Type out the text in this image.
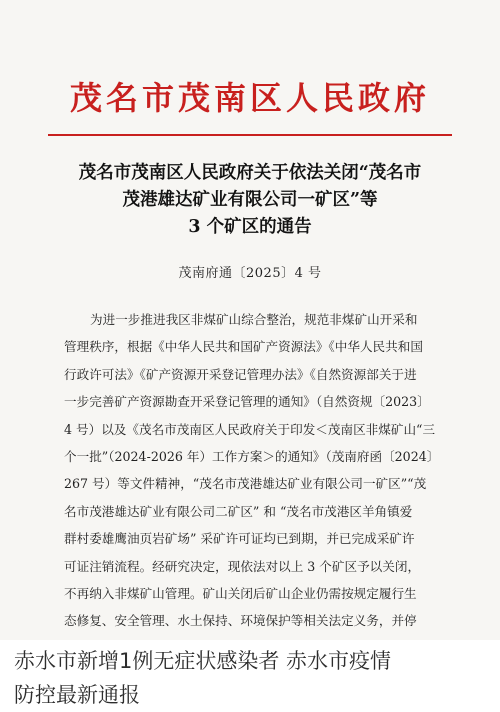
茂名市茂南区人民政府
茂名市茂南区人民政府关于依法关闭“茂名市
茂港雄达矿业有限公司一矿区”等
3 个矿区的通告
茂南府通〔2025〕4 号
为进一步推进我区非煤矿山综合整治，规范非煤矿山开采和
管理秩序，根据《中华人民共和国矿产资源法》《中华人民共和国
行政许可法》《矿产资源开采登记管理办法》《自然资源部关于进
一步完善矿产资源勘查开采登记管理的通知》（自然资规〔2023〕
4 号）以及《茂名市茂南区人民政府关于印发＜茂南区非煤矿山“三
个一批”（2024-2026 年）工作方案＞的通知》（茂南府函〔2024〕
267 号）等文件精神，“茂名市茂港雄达矿业有限公司一矿区”“茂
名市茂港雄达矿业有限公司二矿区” 和 “茂名市茂港区羊角镇爱
群村委雄鹰油页岩矿场” 采矿许可证均已到期，并已完成采矿许
可证注销流程。经研究决定，现依法对以上 3 个矿区予以关闭，
不再纳入非煤矿山管理。矿山关闭后矿山企业仍需按规定履行生
态修复、安全管理、水土保持、环境保护等相关法定义务，并停
赤水市新增1例无症状感染者 赤水市疫情
防控最新通报
